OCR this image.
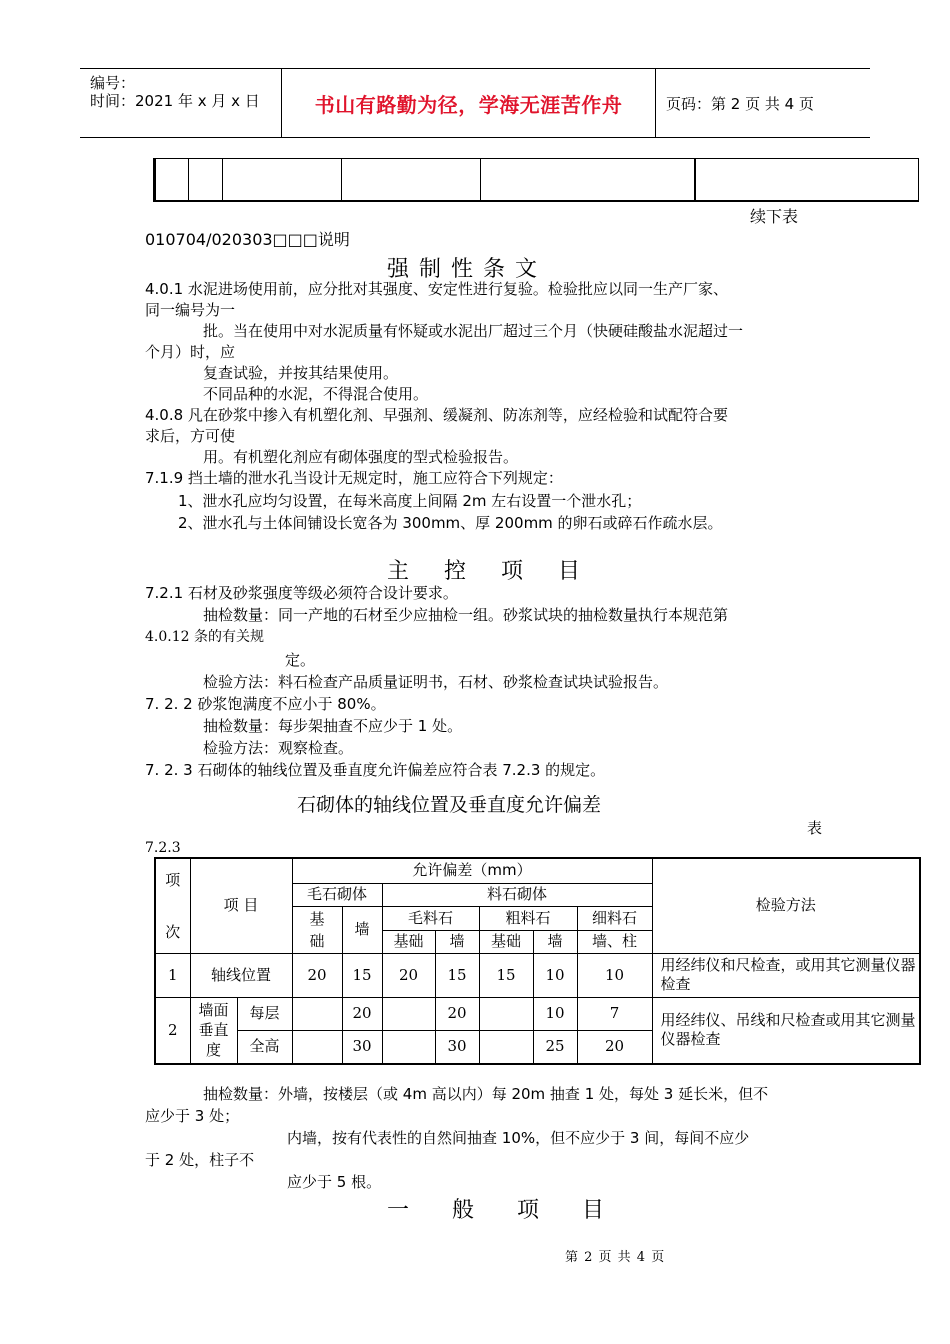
编号：
时间：2021 年 x 月 x 日	书山有路勤为径，学海无涯苦作舟	页码：第 2 页 共 4 页
续下表
010704/020303□□□说明
强制性条文
4.0.1 水泥进场使用前，应分批对其强度、安定性进行复验。检验批应以同一生产厂家、
同一编号为一
批。当在使用中对水泥质量有怀疑或水泥出厂超过三个月（快硬硅酸盐水泥超过一
个月）时，应
复查试验，并按其结果使用。
不同品种的水泥，不得混合使用。
4.0.8 凡在砂浆中掺入有机塑化剂、早强剂、缓凝剂、防冻剂等，应经检验和试配符合要
求后，方可使
用。有机塑化剂应有砌体强度的型式检验报告。
7.1.9 挡土墙的泄水孔当设计无规定时，施工应符合下列规定：
1、泄水孔应均匀设置，在每米高度上间隔 2m 左右设置一个泄水孔；
2、泄水孔与土体间铺设长宽各为 300mm、厚 200mm 的卵石或碎石作疏水层。
主 控 项 目
7.2.1 石材及砂浆强度等级必须符合设计要求。
抽检数量：同一产地的石材至少应抽检一组。砂浆试块的抽检数量执行本规范第
4.0.12 条的有关规
定。
检验方法：料石检查产品质量证明书，石材、砂浆检查试块试验报告。
7. 2. 2 砂浆饱满度不应小于 80%。
抽检数量：每步架抽查不应少于 1 处。
检验方法：观察检查。
7. 2. 3 石砌体的轴线位置及垂直度允许偏差应符合表 7.2.3 的规定。
石砌体的轴线位置及垂直度允许偏差
表
7.2.3
项

次	项 目		允许偏差（mm）							检验方法
			毛石砌体		料石砌体					

			基础	墙	毛料石		粗料石		细料石	
					基础	墙	基础	墙	墙、柱	
1	轴线位置		20	15	20	15	15	10	10	用经纬仪和尺检查，或用其它测量仪器检查
2	墙面垂直度	每层		20		20		10	7	用经纬仪、吊线和尺检查或用其它测量仪器检查
		全高		30		30		25	20	
抽检数量：外墙，按楼层（或 4m 高以内）每 20m 抽查 1 处，每处 3 延长米，但不
应少于 3 处；
内墙，按有代表性的自然间抽查 10%，但不应少于 3 间，每间不应少
于 2 处，柱子不
应少于 5 根。
一 般 项 目
第 2 页 共 4 页
